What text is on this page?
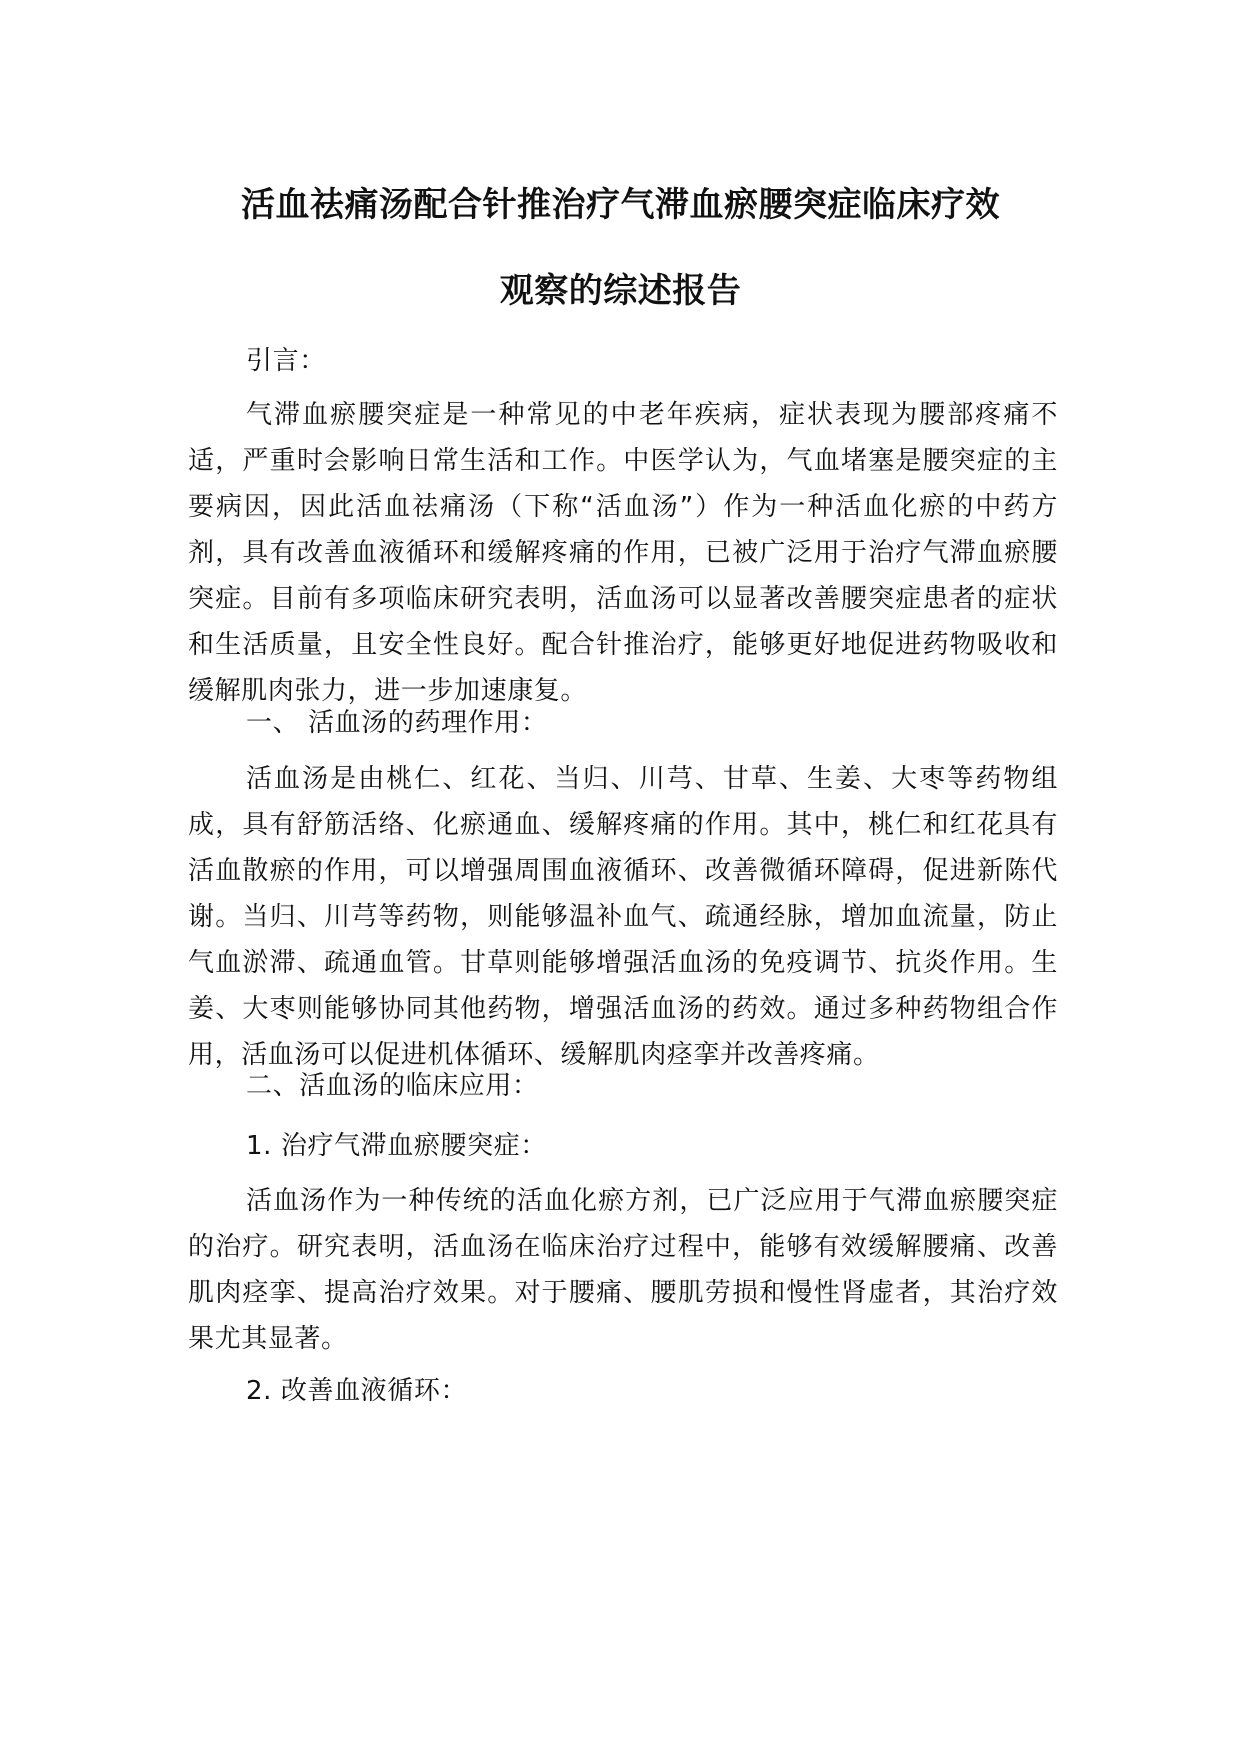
活血祛痛汤配合针推治疗气滞血瘀腰突症临床疗效
观察的综述报告

引言：

气滞血瘀腰突症是一种常见的中老年疾病，症状表现为腰部疼痛不适，严重时会影响日常生活和工作。中医学认为，气血堵塞是腰突症的主要病因，因此活血祛痛汤（下称“活血汤”）作为一种活血化瘀的中药方剂，具有改善血液循环和缓解疼痛的作用，已被广泛用于治疗气滞血瘀腰突症。目前有多项临床研究表明，活血汤可以显著改善腰突症患者的症状和生活质量，且安全性良好。配合针推治疗，能够更好地促进药物吸收和缓解肌肉张力，进一步加速康复。

一、 活血汤的药理作用：

活血汤是由桃仁、红花、当归、川芎、甘草、生姜、大枣等药物组成，具有舒筋活络、化瘀通血、缓解疼痛的作用。其中，桃仁和红花具有活血散瘀的作用，可以增强周围血液循环、改善微循环障碍，促进新陈代谢。当归、川芎等药物，则能够温补血气、疏通经脉，增加血流量，防止气血淤滞、疏通血管。甘草则能够增强活血汤的免疫调节、抗炎作用。生姜、大枣则能够协同其他药物，增强活血汤的药效。通过多种药物组合作用，活血汤可以促进机体循环、缓解肌肉痉挛并改善疼痛。

二、活血汤的临床应用：

1. 治疗气滞血瘀腰突症：

活血汤作为一种传统的活血化瘀方剂，已广泛应用于气滞血瘀腰突症的治疗。研究表明，活血汤在临床治疗过程中，能够有效缓解腰痛、改善肌肉痉挛、提高治疗效果。对于腰痛、腰肌劳损和慢性肾虚者，其治疗效果尤其显著。

2. 改善血液循环：
